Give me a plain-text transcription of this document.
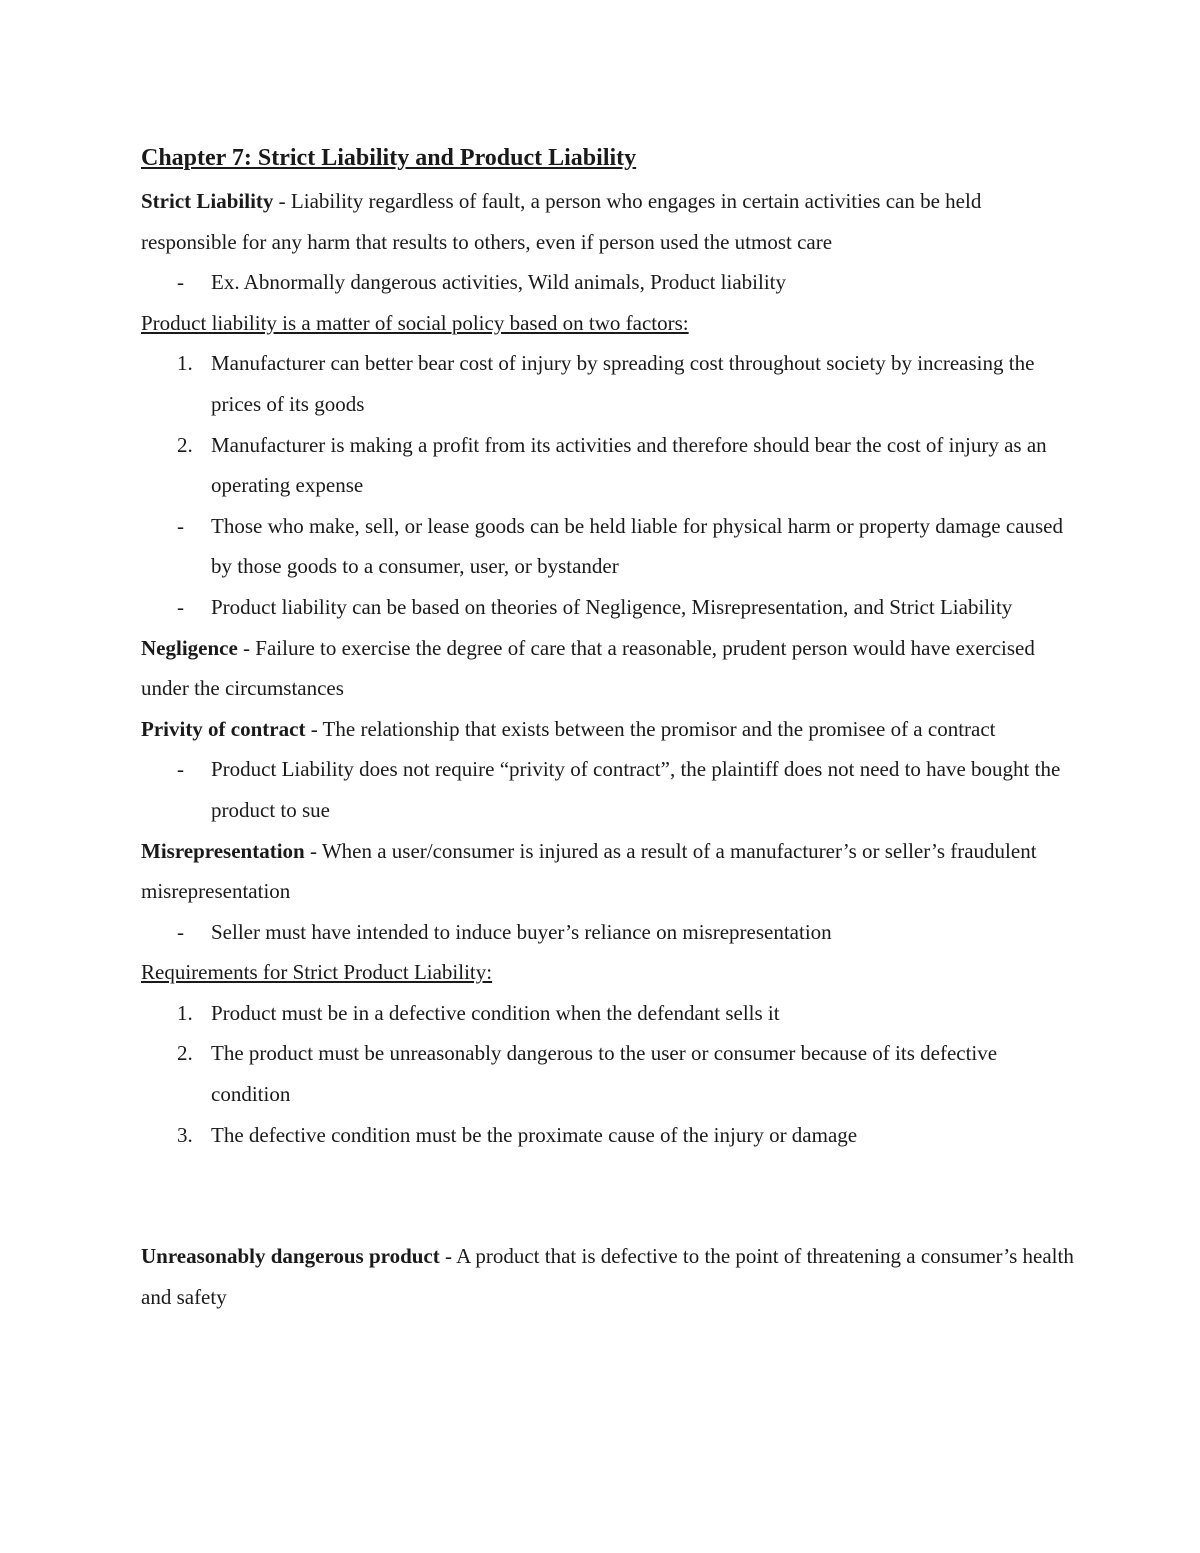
Chapter 7: Strict Liability and Product Liability

Strict Liability - Liability regardless of fault, a person who engages in certain activities can be held responsible for any harm that results to others, even if person used the utmost care

- Ex. Abnormally dangerous activities, Wild animals, Product liability

Product liability is a matter of social policy based on two factors:

1. Manufacturer can better bear cost of injury by spreading cost throughout society by increasing the prices of its goods
2. Manufacturer is making a profit from its activities and therefore should bear the cost of injury as an operating expense
- Those who make, sell, or lease goods can be held liable for physical harm or property damage caused by those goods to a consumer, user, or bystander
- Product liability can be based on theories of Negligence, Misrepresentation, and Strict Liability

Negligence - Failure to exercise the degree of care that a reasonable, prudent person would have exercised under the circumstances

Privity of contract - The relationship that exists between the promisor and the promisee of a contract

- Product Liability does not require “privity of contract”, the plaintiff does not need to have bought the product to sue

Misrepresentation - When a user/consumer is injured as a result of a manufacturer’s or seller’s fraudulent misrepresentation

- Seller must have intended to induce buyer’s reliance on misrepresentation

Requirements for Strict Product Liability:

1. Product must be in a defective condition when the defendant sells it
2. The product must be unreasonably dangerous to the user or consumer because of its defective condition
3. The defective condition must be the proximate cause of the injury or damage

Unreasonably dangerous product - A product that is defective to the point of threatening a consumer’s health and safety
